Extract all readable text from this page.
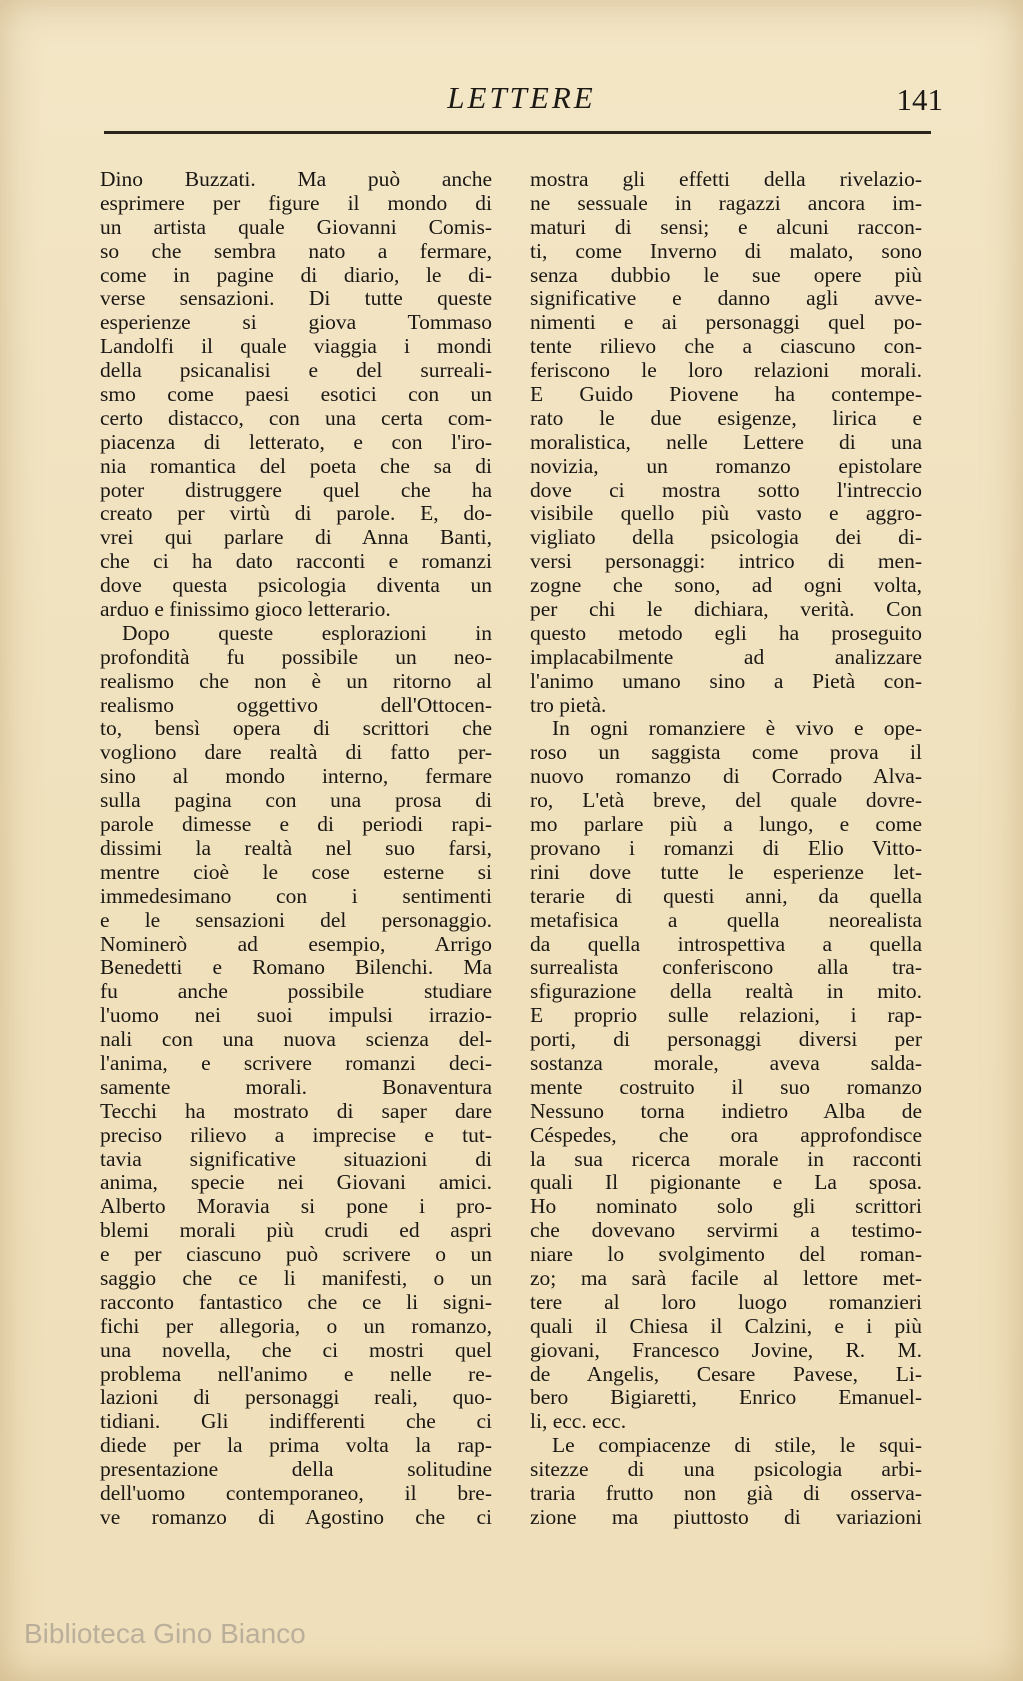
LETTERE	141
Dino Buzzati. Ma può anche
esprimere per figure il mondo di
un artista quale Giovanni Comis-
so che sembra nato a fermare,
come in pagine di diario, le di-
verse sensazioni. Di tutte queste
esperienze si giova Tommaso
Landolfi il quale viaggia i mondi
della psicanalisi e del surreali-
smo come paesi esotici con un
certo distacco, con una certa com-
piacenza di letterato, e con l'iro-
nia romantica del poeta che sa di
poter distruggere quel che ha
creato per virtù di parole. E, do-
vrei qui parlare di Anna Banti,
che ci ha dato racconti e romanzi
dove questa psicologia diventa un
arduo e finissimo gioco letterario.
Dopo queste esplorazioni in
profondità fu possibile un neo-
realismo che non è un ritorno al
realismo oggettivo dell'Ottocen-
to, bensì opera di scrittori che
vogliono dare realtà di fatto per-
sino al mondo interno, fermare
sulla pagina con una prosa di
parole dimesse e di periodi rapi-
dissimi la realtà nel suo farsi,
mentre cioè le cose esterne si
immedesimano con i sentimenti
e le sensazioni del personaggio.
Nominerò ad esempio, Arrigo
Benedetti e Romano Bilenchi. Ma
fu anche possibile studiare
l'uomo nei suoi impulsi irrazio-
nali con una nuova scienza del-
l'anima, e scrivere romanzi deci-
samente morali. Bonaventura
Tecchi ha mostrato di saper dare
preciso rilievo a imprecise e tut-
tavia significative situazioni di
anima, specie nei Giovani amici.
Alberto Moravia si pone i pro-
blemi morali più crudi ed aspri
e per ciascuno può scrivere o un
saggio che ce li manifesti, o un
racconto fantastico che ce li signi-
fichi per allegoria, o un romanzo,
una novella, che ci mostri quel
problema nell'animo e nelle re-
lazioni di personaggi reali, quo-
tidiani. Gli indifferenti che ci
diede per la prima volta la rap-
presentazione della solitudine
dell'uomo contemporaneo, il bre-
ve romanzo di Agostino che ci
mostra gli effetti della rivelazio-
ne sessuale in ragazzi ancora im-
maturi di sensi; e alcuni raccon-
ti, come Inverno di malato, sono
senza dubbio le sue opere più
significative e danno agli avve-
nimenti e ai personaggi quel po-
tente rilievo che a ciascuno con-
feriscono le loro relazioni morali.
E Guido Piovene ha contempe-
rato le due esigenze, lirica e
moralistica, nelle Lettere di una
novizia, un romanzo epistolare
dove ci mostra sotto l'intreccio
visibile quello più vasto e aggro-
vigliato della psicologia dei di-
versi personaggi: intrico di men-
zogne che sono, ad ogni volta,
per chi le dichiara, verità. Con
questo metodo egli ha proseguito
implacabilmente ad analizzare
l'animo umano sino a Pietà con-
tro pietà.
In ogni romanziere è vivo e ope-
roso un saggista come prova il
nuovo romanzo di Corrado Alva-
ro, L'età breve, del quale dovre-
mo parlare più a lungo, e come
provano i romanzi di Elio Vitto-
rini dove tutte le esperienze let-
terarie di questi anni, da quella
metafisica a quella neorealista
da quella introspettiva a quella
surrealista conferiscono alla tra-
sfigurazione della realtà in mito.
E proprio sulle relazioni, i rap-
porti, di personaggi diversi per
sostanza morale, aveva salda-
mente costruito il suo romanzo
Nessuno torna indietro Alba de
Céspedes, che ora approfondisce
la sua ricerca morale in racconti
quali Il pigionante e La sposa.
Ho nominato solo gli scrittori
che dovevano servirmi a testimo-
niare lo svolgimento del roman-
zo; ma sarà facile al lettore met-
tere al loro luogo romanzieri
quali il Chiesa il Calzini, e i più
giovani, Francesco Jovine, R. M.
de Angelis, Cesare Pavese, Li-
bero Bigiaretti, Enrico Emanuel-
li, ecc. ecc.
Le compiacenze di stile, le squi-
sitezze di una psicologia arbi-
traria frutto non già di osserva-
zione ma piuttosto di variazioni
Biblioteca Gino Bianco
